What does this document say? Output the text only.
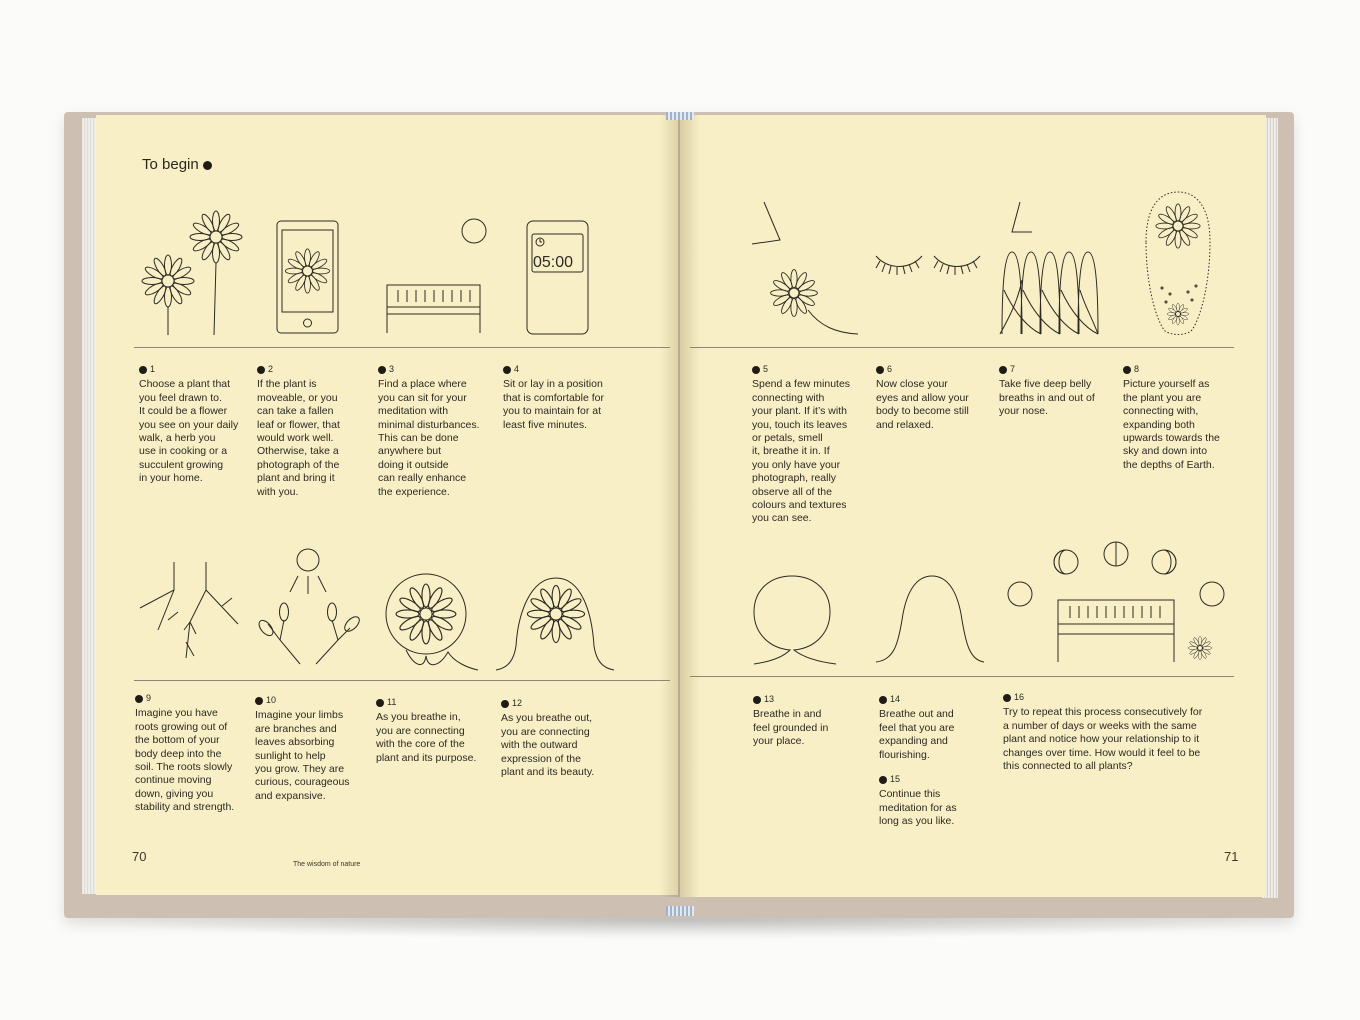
To begin
05:00
1
Choose a plant that
you feel drawn to.
It could be a flower
you see on your daily
walk, a herb you
use in cooking or a
succulent growing
in your home.
2
If the plant is
moveable, or you
can take a fallen
leaf or flower, that
would work well.
Otherwise, take a
photograph of the
plant and bring it
with you.
3
Find a place where
you can sit for your
meditation with
minimal disturbances.
This can be done
anywhere but
doing it outside
can really enhance
the experience.
4
Sit or lay in a position
that is comfortable for
you to maintain for at
least five minutes.
9
Imagine you have
roots growing out of
the bottom of your
body deep into the
soil. The roots slowly
continue moving
down, giving you
stability and strength.
10
Imagine your limbs
are branches and
leaves absorbing
sunlight to help
you grow. They are
curious, courageous
and expansive.
11
As you breathe in,
you are connecting
with the core of the
plant and its purpose.
12
As you breathe out,
you are connecting
with the outward
expression of the
plant and its beauty.
5
Spend a few minutes
connecting with
your plant. If it’s with
you, touch its leaves
or petals, smell
it, breathe it in. If
you only have your
photograph, really
observe all of the
colours and textures
you can see.
6
Now close your
eyes and allow your
body to become still
and relaxed.
7
Take five deep belly
breaths in and out of
your nose.
8
Picture yourself as
the plant you are
connecting with,
expanding both
upwards towards the
sky and down into
the depths of Earth.
13
Breathe in and
feel grounded in
your place.
14
Breathe out and
feel that you are
expanding and
flourishing.
15
Continue this
meditation for as
long as you like.
16
Try to repeat this process consecutively for
a number of days or weeks with the same
plant and notice how your relationship to it
changes over time. How would it feel to be
this connected to all plants?
70
The wisdom of nature
71
